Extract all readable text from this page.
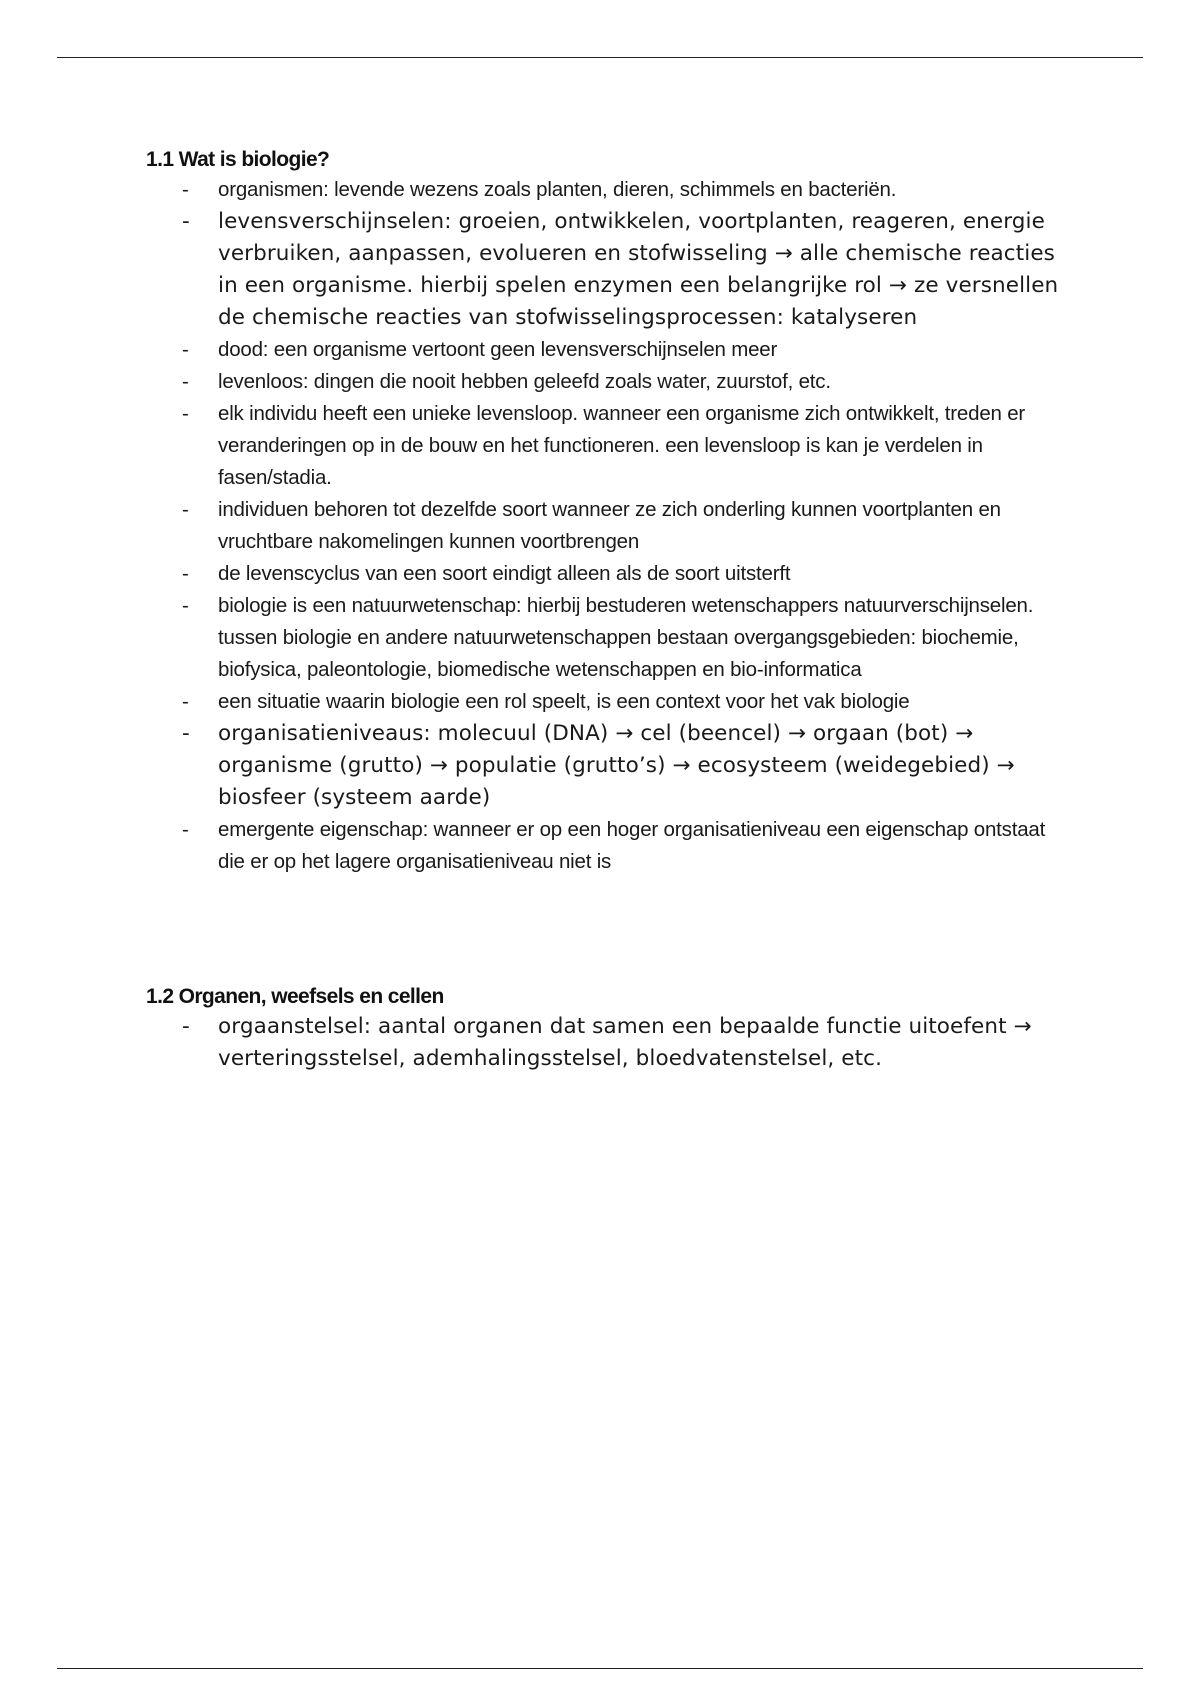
1.1 Wat is biologie?
- organismen: levende wezens zoals planten, dieren, schimmels en bacteriën.
- levensverschijnselen: groeien, ontwikkelen, voortplanten, reageren, energie verbruiken, aanpassen, evolueren en stofwisseling → alle chemische reacties in een organisme. hierbij spelen enzymen een belangrijke rol → ze versnellen de chemische reacties van stofwisselingsprocessen: katalyseren
- dood: een organisme vertoont geen levensverschijnselen meer
- levenloos: dingen die nooit hebben geleefd zoals water, zuurstof, etc.
- elk individu heeft een unieke levensloop. wanneer een organisme zich ontwikkelt, treden er veranderingen op in de bouw en het functioneren. een levensloop is kan je verdelen in fasen/stadia.
- individuen behoren tot dezelfde soort wanneer ze zich onderling kunnen voortplanten en vruchtbare nakomelingen kunnen voortbrengen
- de levenscyclus van een soort eindigt alleen als de soort uitsterft
- biologie is een natuurwetenschap: hierbij bestuderen wetenschappers natuurverschijnselen. tussen biologie en andere natuurwetenschappen bestaan overgangsgebieden: biochemie, biofysica, paleontologie, biomedische wetenschappen en bio-informatica
- een situatie waarin biologie een rol speelt, is een context voor het vak biologie
- organisatieniveaus: molecuul (DNA) → cel (beencel) → orgaan (bot) → organisme (grutto) → populatie (grutto’s) → ecosysteem (weidegebied) → biosfeer (systeem aarde)
- emergente eigenschap: wanneer er op een hoger organisatieniveau een eigenschap ontstaat die er op het lagere organisatieniveau niet is
1.2 Organen, weefsels en cellen
- orgaanstelsel: aantal organen dat samen een bepaalde functie uitoefent → verteringsstelsel, ademhalingsstelsel, bloedvatenstelsel, etc.
